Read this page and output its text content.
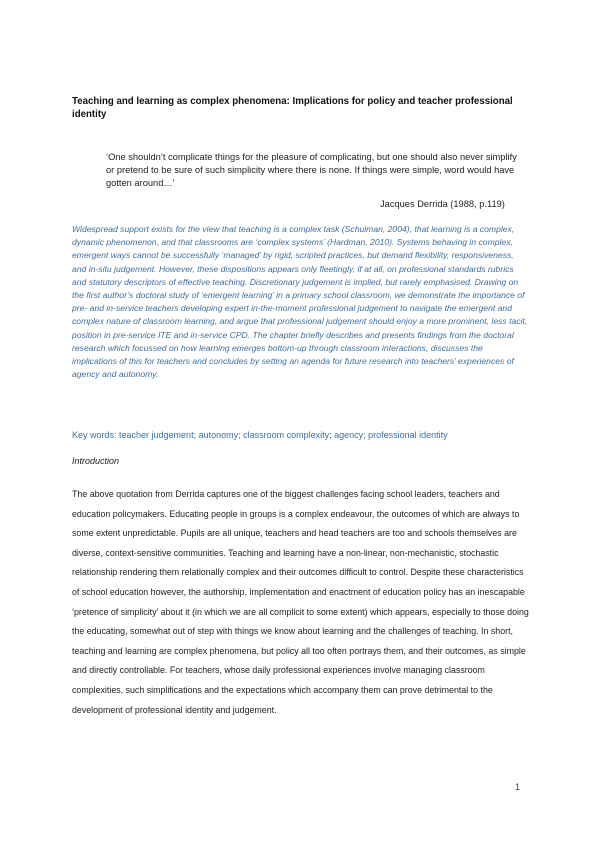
Teaching and learning as complex phenomena: Implications for policy and teacher professional identity

‘One shouldn’t complicate things for the pleasure of complicating, but one should also never simplify or pretend to be sure of such simplicity where there is none. If things were simple, word would have gotten around…’

Jacques Derrida (1988, p.119)

Widespread support exists for the view that teaching is a complex task (Schulman, 2004), that learning is a complex, dynamic phenomenon, and that classrooms are ‘complex systems’ (Hardman, 2010). Systems behaving in complex, emergent ways cannot be successfully ‘managed’ by rigid, scripted practices, but demand flexibility, responsiveness, and in-situ judgement. However, these dispositions appears only fleetingly, if at all, on professional standards rubrics and statutory descriptors of effective teaching. Discretionary judgement is implied, but rarely emphasised. Drawing on the first author’s doctoral study of ‘emergent learning’ in a primary school classroom, we demonstrate the importance of pre- and in-service teachers developing expert in-the-moment professional judgement to navigate the emergent and complex nature of classroom learning, and argue that professional judgement should enjoy a more prominent, less tacit, position in pre-service ITE and in-service CPD. The chapter briefly describes and presents findings from the doctoral research which focussed on how learning emerges bottom-up through classroom interactions, discusses the implications of this for teachers and concludes by setting an agenda for future research into teachers’ experiences of agency and autonomy.

Key words: teacher judgement; autonomy; classroom complexity; agency; professional identity

Introduction

The above quotation from Derrida captures one of the biggest challenges facing school leaders, teachers and education policymakers. Educating people in groups is a complex endeavour, the outcomes of which are always to some extent unpredictable. Pupils are all unique, teachers and head teachers are too and schools themselves are diverse, context-sensitive communities. Teaching and learning have a non-linear, non-mechanistic, stochastic relationship rendering them relationally complex and their outcomes difficult to control. Despite these characteristics of school education however, the authorship, implementation and enactment of education policy has an inescapable ‘pretence of simplicity’ about it (in which we are all complicit to some extent) which appears, especially to those doing the educating, somewhat out of step with things we know about learning and the challenges of teaching. In short, teaching and learning are complex phenomena, but policy all too often portrays them, and their outcomes, as simple and directly controllable. For teachers, whose daily professional experiences involve managing classroom complexities, such simplifications and the expectations which accompany them can prove detrimental to the development of professional identity and judgement.

1
